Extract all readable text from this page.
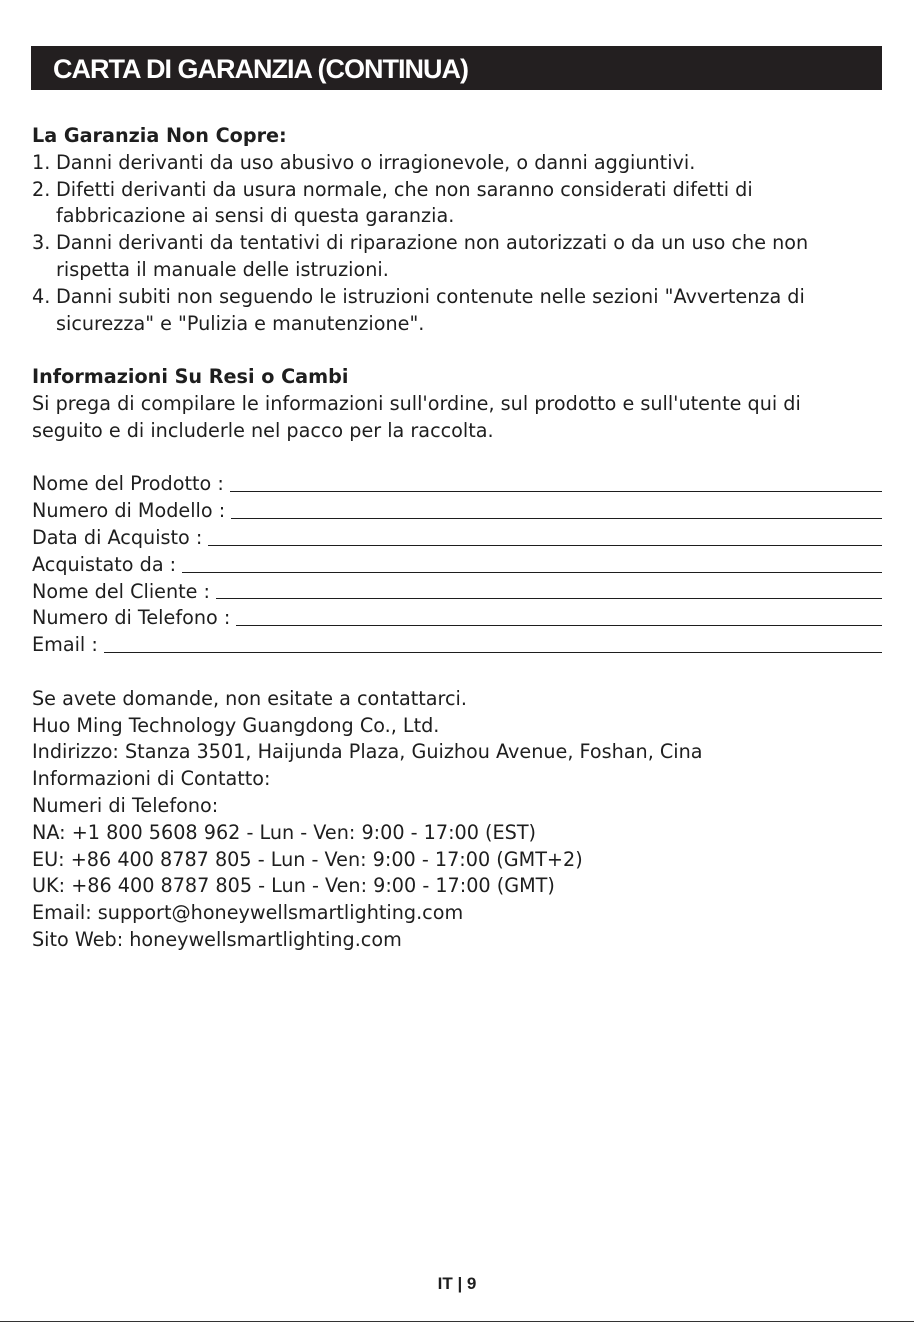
CARTA DI GARANZIA (CONTINUA)
La Garanzia Non Copre:
1. Danni derivanti da uso abusivo o irragionevole, o danni aggiuntivi.
2. Difetti derivanti da usura normale, che non saranno considerati difetti di
fabbricazione ai sensi di questa garanzia.
3. Danni derivanti da tentativi di riparazione non autorizzati o da un uso che non
rispetta il manuale delle istruzioni.
4. Danni subiti non seguendo le istruzioni contenute nelle sezioni "Avvertenza di
sicurezza" e "Pulizia e manutenzione".
Informazioni Su Resi o Cambi
Si prega di compilare le informazioni sull'ordine, sul prodotto e sull'utente qui di
seguito e di includerle nel pacco per la raccolta.
Nome del Prodotto :
Numero di Modello :
Data di Acquisto :
Acquistato da :
Nome del Cliente :
Numero di Telefono :
Email :
Se avete domande, non esitate a contattarci.
Huo Ming Technology Guangdong Co., Ltd.
Indirizzo: Stanza 3501, Haijunda Plaza, Guizhou Avenue, Foshan, Cina
Informazioni di Contatto:
Numeri di Telefono:
NA: +1 800 5608 962 - Lun - Ven: 9:00 - 17:00 (EST)
EU: +86 400 8787 805 - Lun - Ven: 9:00 - 17:00 (GMT+2)
UK: +86 400 8787 805 - Lun - Ven: 9:00 - 17:00 (GMT)
Email: support@honeywellsmartlighting.com
Sito Web: honeywellsmartlighting.com
IT | 9
